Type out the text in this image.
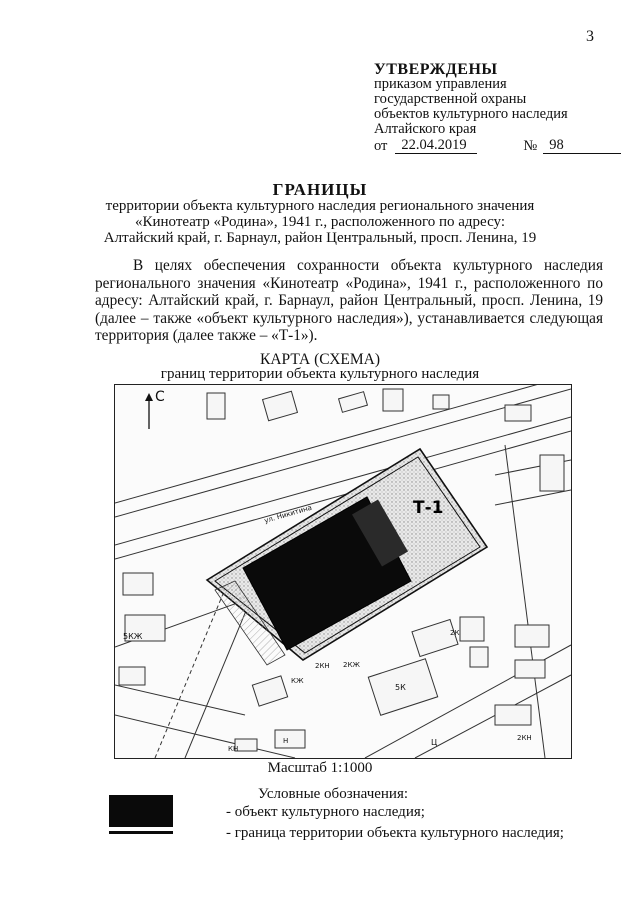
3
УТВЕРЖДЕНЫ
приказом управления
государственной охраны
объектов культурного наследия
Алтайского края
от 22.04.2019	№ 98
ГРАНИЦЫ
территории объекта культурного наследия регионального значения
«Кинотеатр «Родина», 1941 г., расположенного по адресу:
Алтайский край, г. Барнаул, район Центральный, просп. Ленина, 19
В целях обеспечения сохранности объекта культурного наследия регионального значения «Кинотеатр «Родина», 1941 г., расположенного по адресу: Алтайский край, г. Барнаул, район Центральный, просп. Ленина, 19 (далее – также «объект культурного наследия»), устанавливается следующая территория (далее также – «Т-1»).
КАРТА (СХЕМА)
границ территории объекта культурного наследия
Т-1
С
5КЖ
2КН 2КЖ
КЖ
5К
2К
Ц	2КН
КН
Н
ул. Никитина
Масштаб 1:1000
Условные обозначения:
- объект культурного наследия;
- граница территории объекта культурного наследия;
